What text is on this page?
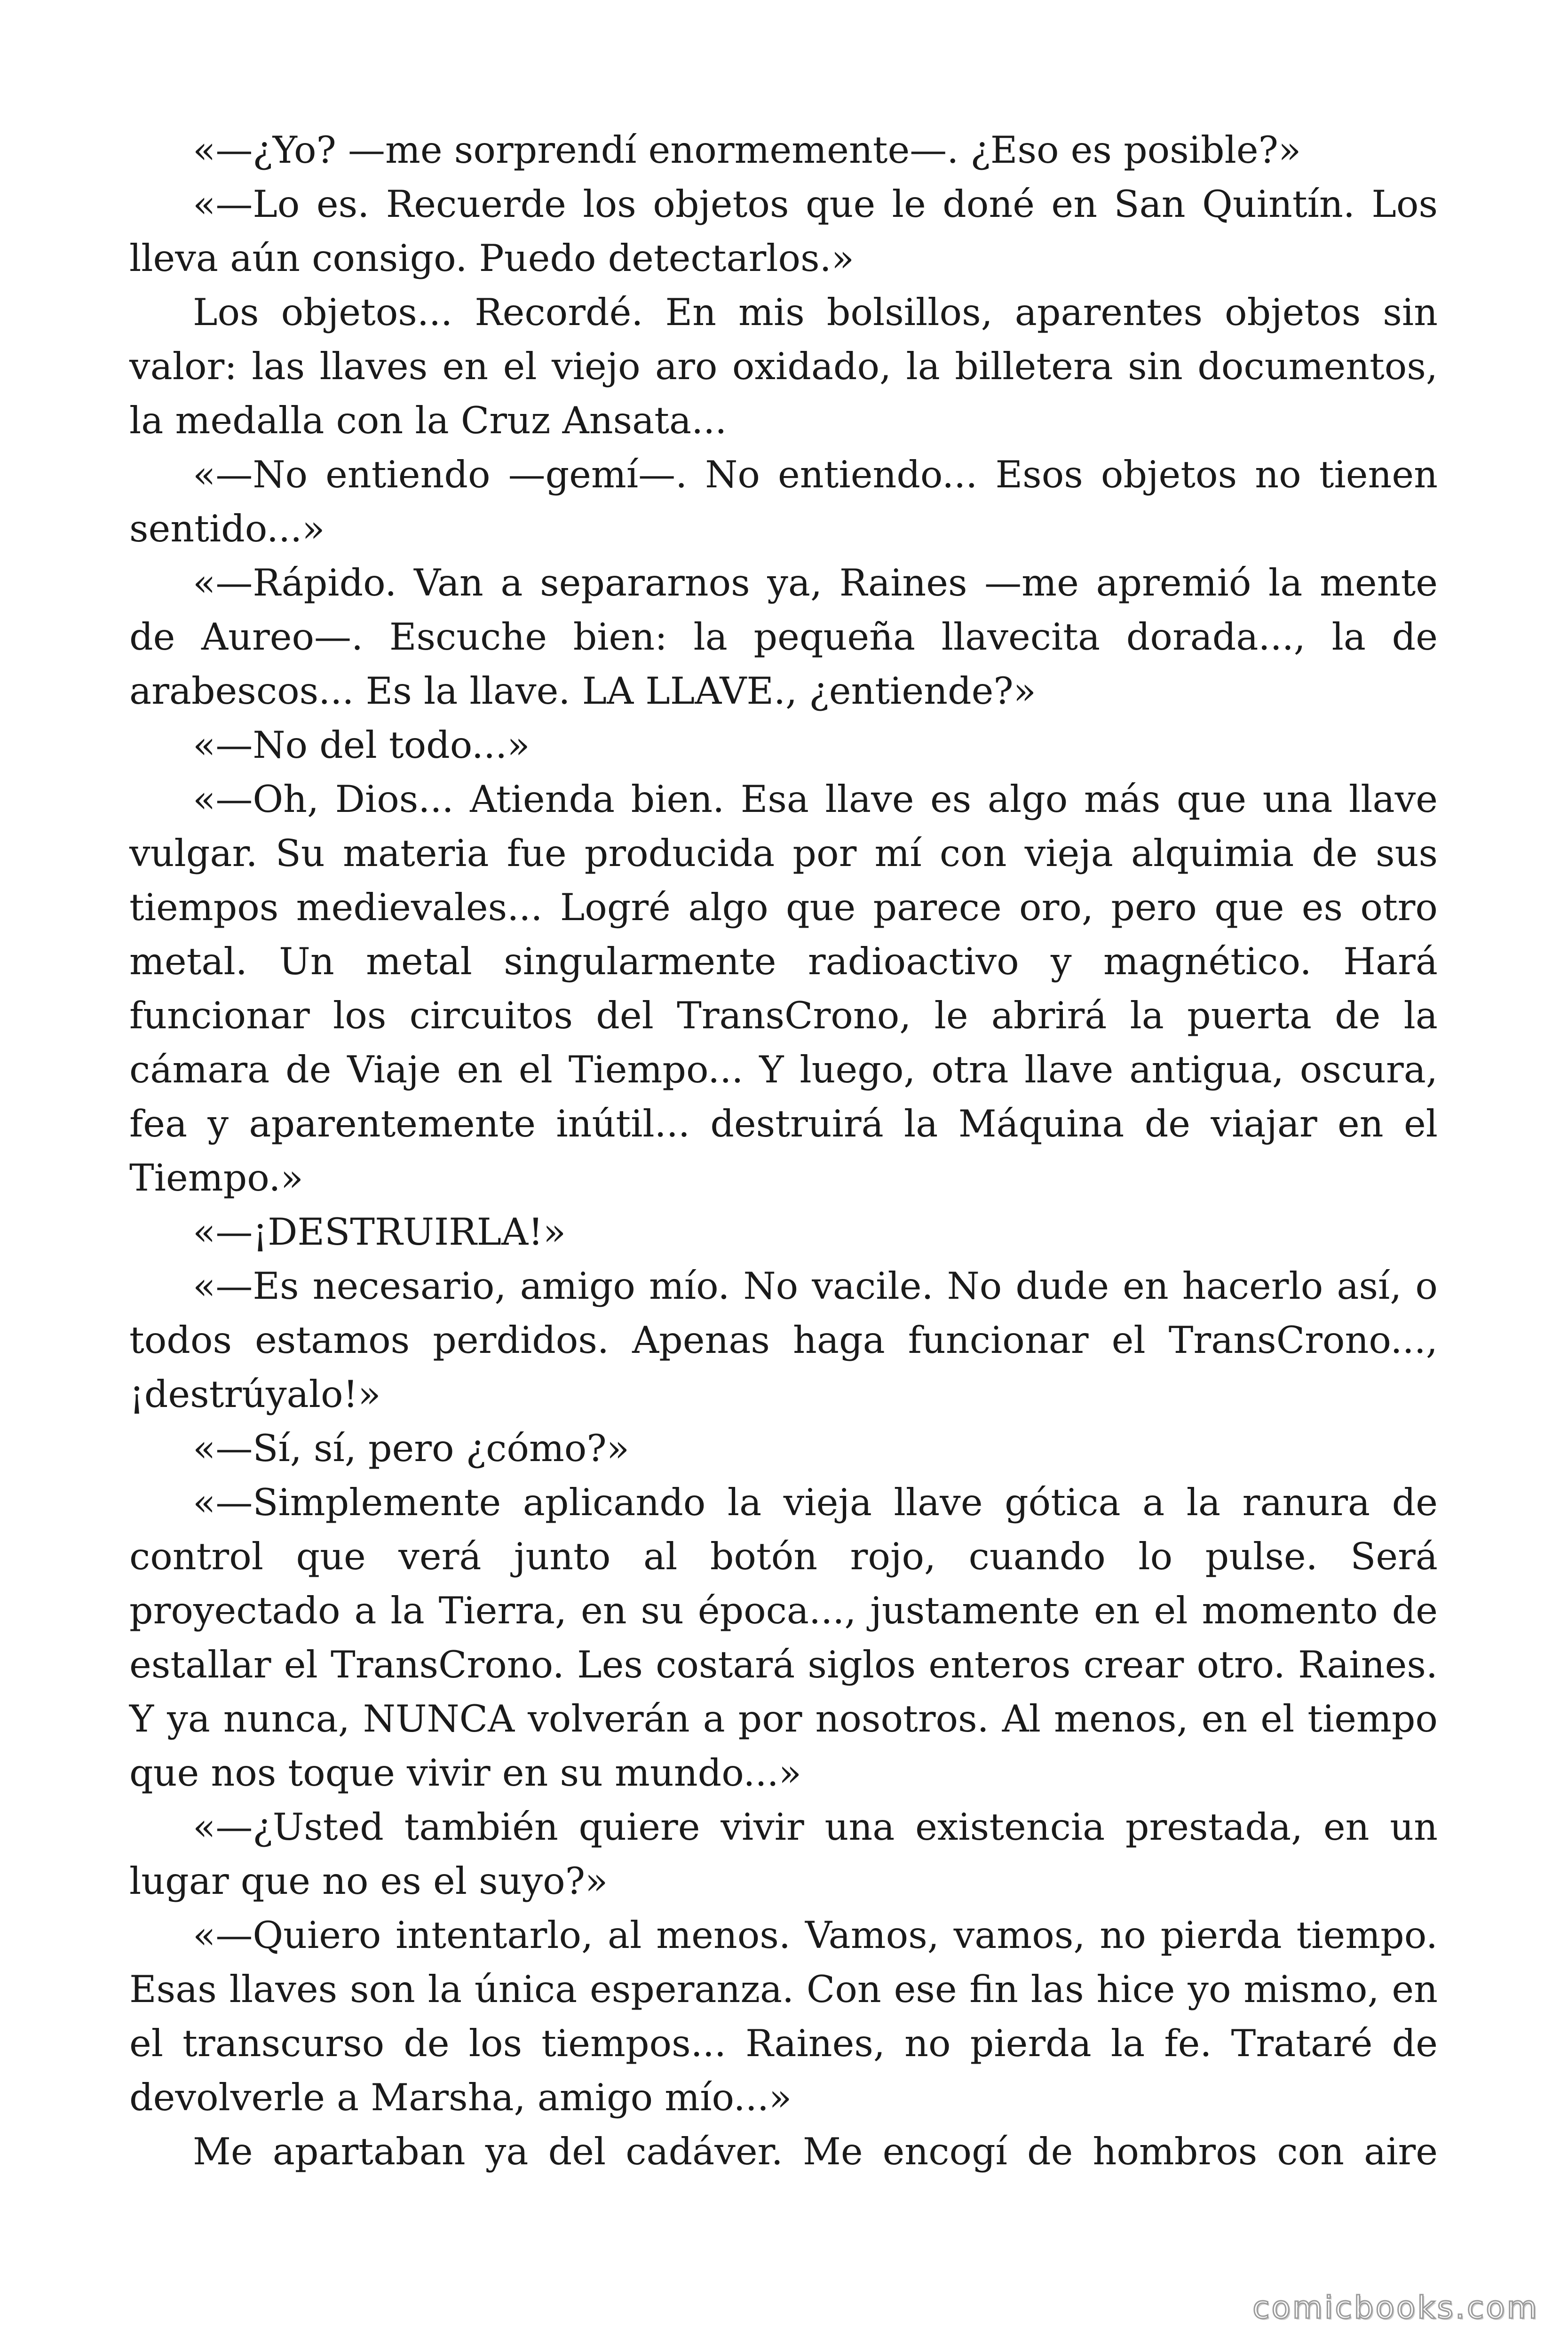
«—¿Yo? —me sorprendí enormemente—. ¿Eso es posible?»

«—Lo es. Recuerde los objetos que le doné en San Quintín. Los lleva aún consigo. Puedo detectarlos.»

Los objetos... Recordé. En mis bolsillos, aparentes objetos sin valor: las llaves en el viejo aro oxidado, la billetera sin documentos, la medalla con la Cruz Ansata...

«—No entiendo —gemí—. No entiendo... Esos objetos no tienen sentido...»

«—Rápido. Van a separarnos ya, Raines —me apremió la mente de Aureo—. Escuche bien: la pequeña llavecita dorada..., la de arabescos... Es la llave. LA LLAVE., ¿entiende?»

«—No del todo...»

«—Oh, Dios... Atienda bien. Esa llave es algo más que una llave vulgar. Su materia fue producida por mí con vieja alquimia de sus tiempos medievales... Logré algo que parece oro, pero que es otro metal. Un metal singularmente radioactivo y magnético. Hará funcionar los circuitos del TransCrono, le abrirá la puerta de la cámara de Viaje en el Tiempo... Y luego, otra llave antigua, oscura, fea y aparentemente inútil... destruirá la Máquina de viajar en el Tiempo.»

«—¡DESTRUIRLA!»

«—Es necesario, amigo mío. No vacile. No dude en hacerlo así, o todos estamos perdidos. Apenas haga funcionar el TransCrono..., ¡destrúyalo!»

«—Sí, sí, pero ¿cómo?»

«—Simplemente aplicando la vieja llave gótica a la ranura de control que verá junto al botón rojo, cuando lo pulse. Será proyectado a la Tierra, en su época..., justamente en el momento de estallar el TransCrono. Les costará siglos enteros crear otro. Raines. Y ya nunca, NUNCA volverán a por nosotros. Al menos, en el tiempo que nos toque vivir en su mundo...»

«—¿Usted también quiere vivir una existencia prestada, en un lugar que no es el suyo?»

«—Quiero intentarlo, al menos. Vamos, vamos, no pierda tiempo. Esas llaves son la única esperanza. Con ese fin las hice yo mismo, en el transcurso de los tiempos... Raines, no pierda la fe. Trataré de devolverle a Marsha, amigo mío...»

Me apartaban ya del cadáver. Me encogí de hombros con aire

comicbooks.com
